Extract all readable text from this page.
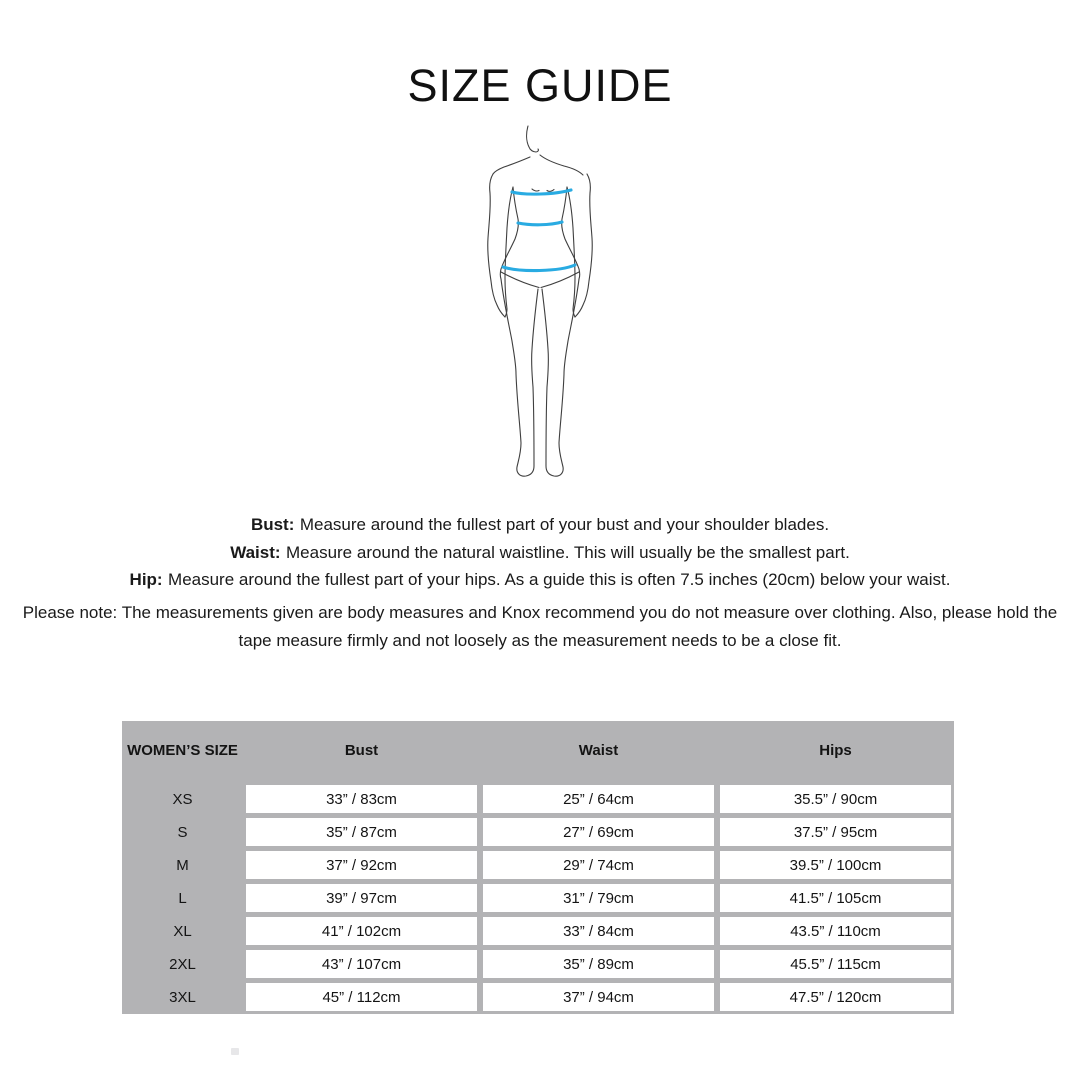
SIZE GUIDE
Bust: Measure around the fullest part of your bust and your shoulder blades.
Waist: Measure around the natural waistline. This will usually be the smallest part.
Hip: Measure around the fullest part of your hips. As a guide this is often 7.5 inches (20cm) below your waist.
Please note: The measurements given are body measures and Knox recommend you do not measure over clothing. Also, please hold the tape measure firmly and not loosely as the measurement needs to be a close fit.
WOMEN’S SIZE	Bust	Waist	Hips
XS	33” / 83cm	25” / 64cm	35.5” / 90cm
S	35” / 87cm	27” / 69cm	37.5” / 95cm
M	37” / 92cm	29” / 74cm	39.5” / 100cm
L	39” / 97cm	31” / 79cm	41.5” / 105cm
XL	41” / 102cm	33” / 84cm	43.5” / 110cm
2XL	43” / 107cm	35” / 89cm	45.5” / 115cm
3XL	45” / 112cm	37” / 94cm	47.5” / 120cm
